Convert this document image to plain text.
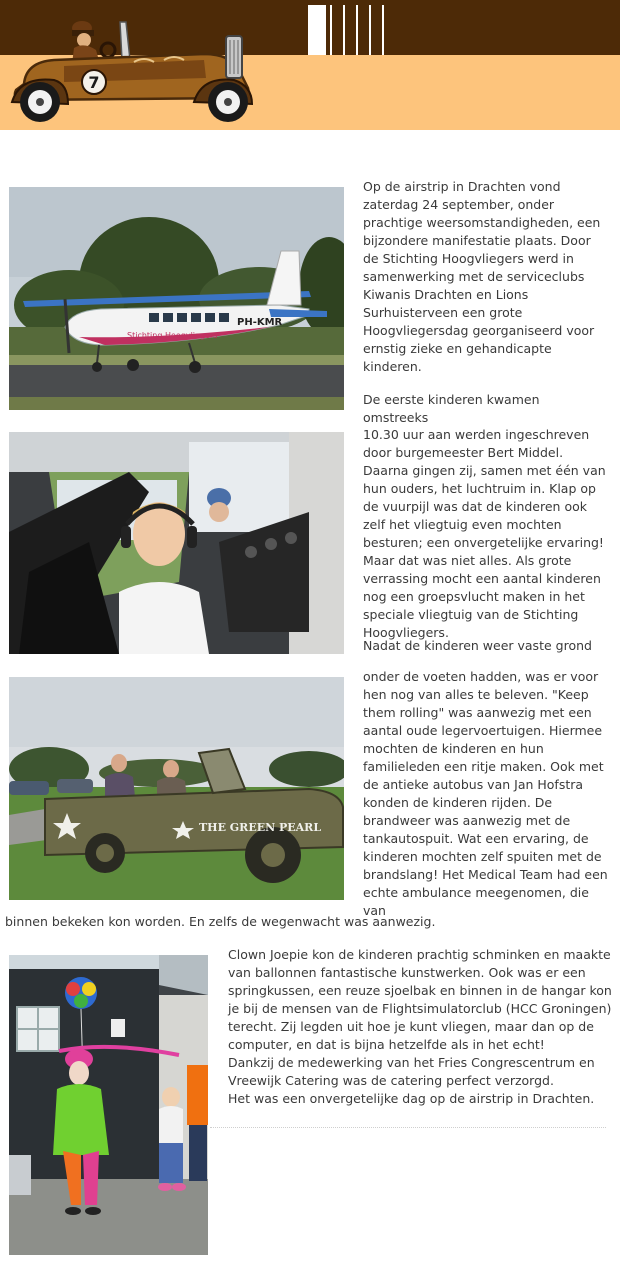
7
Stichting Hoogvliegers
PH-KMR
THE GREEN PEARL

Op de airstrip in Drachten vond zaterdag 24 september, onder prachtige weersomstandigheden, een bijzondere manifestatie plaats. Door de Stichting Hoogvliegers werd in samenwerking met de serviceclubs Kiwanis Drachten en Lions Surhuisterveen een grote Hoogvliegersdag georganiseerd voor ernstig zieke en gehandicapte kinderen.

De eerste kinderen kwamen omstreeks

10.30 uur aan werden ingeschreven door burgemeester Bert Middel. Daarna gingen zij, samen met één van hun ouders, het luchtruim in. Klap op de vuurpijl was dat de kinderen ook zelf het vliegtuig even mochten besturen; een onvergetelijke ervaring! Maar dat was niet alles. Als grote verrassing mocht een aantal kinderen nog een groepsvlucht maken in het speciale vliegtuig van de Stichting Hoogvliegers.

Nadat de kinderen weer vaste grond

onder de voeten hadden, was er voor hen nog van alles te beleven. "Keep them rolling" was aanwezig met een aantal oude legervoertuigen. Hiermee mochten de kinderen en hun familieleden een ritje maken. Ook met de antieke autobus van Jan Hofstra konden de kinderen rijden. De brandweer was aanwezig met de tankautospuit. Wat een ervaring, de kinderen mochten zelf spuiten met de brandslang! Het Medical Team had een echte ambulance meegenomen, die van

binnen bekeken kon worden. En zelfs de wegenwacht was aanwezig.

Clown Joepie kon de kinderen prachtig schminken en maakte van ballonnen fantastische kunstwerken. Ook was er een springkussen, een reuze sjoelbak en binnen in de hangar kon je bij de mensen van de Flightsimulatorclub (HCC Groningen) terecht. Zij legden uit hoe je kunt vliegen, maar dan op de computer, en dat is bijna hetzelfde als in het echt!

Dankzij de medewerking van het Fries Congrescentrum en Vreewijk Catering was de catering perfect verzorgd.

Het was een onvergetelijke dag op de airstrip in Drachten.
